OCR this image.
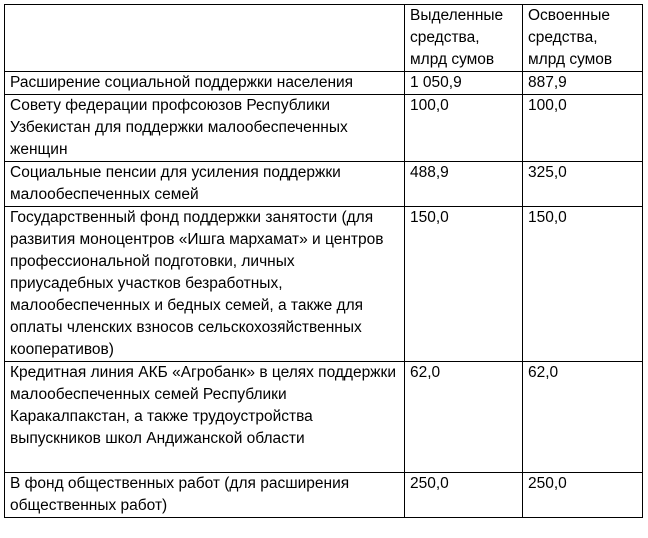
	Выделенные средства, млрд сумов	Освоенные средства, млрд сумов

Расширение социальной поддержки населения	1 050,9	887,9

Совету федерации профсоюзов Республики Узбекистан для поддержки малообеспеченных женщин	100,0	100,0

Социальные пенсии для усиления поддержки малообеспеченных семей	488,9	325,0

Государственный фонд поддержки занятости (для развития моноцентров «Ишга мархамат» и центров профессиональной подготовки, личных приусадебных участков безработных, малообеспеченных и бедных семей, а также для оплаты членских взносов сельскохозяйственных кооперативов)	150,0	150,0

Кредитная линия АКБ «Агробанк» в целях поддержки малообеспеченных семей Республики Каракалпакстан, а также трудоустройства выпускников школ Андижанской области	62,0	62,0

В фонд общественных работ (для расширения общественных работ)	250,0	250,0
